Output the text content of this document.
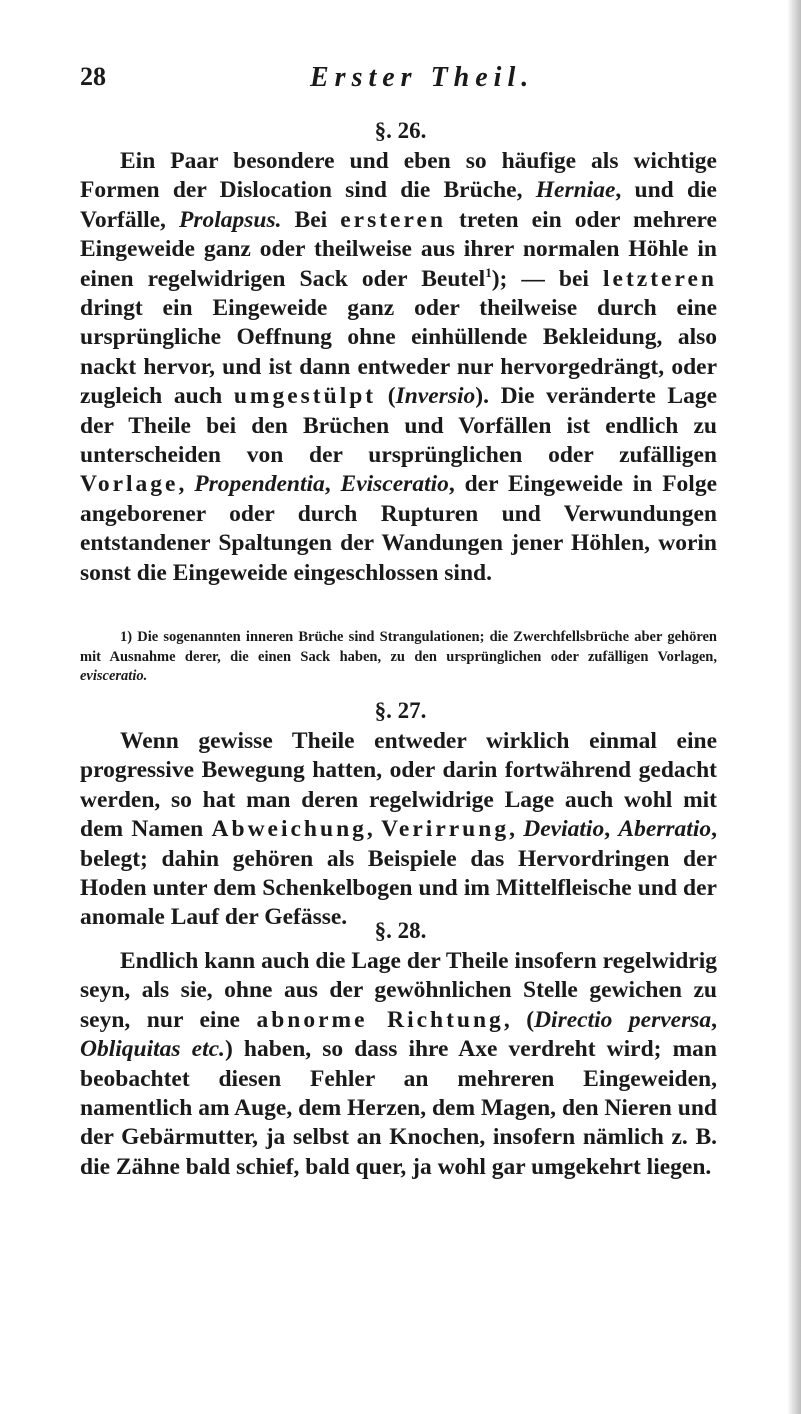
28	Erster Theil.
§. 26.
Ein Paar besondere und eben so häufige als wichtige Formen der Dislocation sind die Brüche, Herniae, und die Vorfälle, Prolapsus. Bei ersteren treten ein oder mehrere Eingeweide ganz oder theilweise aus ihrer normalen Höhle in einen regelwidrigen Sack oder Beutel$^1$); — bei letzteren dringt ein Eingeweide ganz oder theilweise durch eine ursprüngliche Oeffnung ohne einhüllende Bekleidung, also nackt hervor, und ist dann entweder nur hervorgedrängt, oder zugleich auch umgestülpt (Inversio). Die veränderte Lage der Theile bei den Brüchen und Vorfällen ist endlich zu unterscheiden von der ursprünglichen oder zufälligen Vorlage, Propendentia, Evisceratio, der Eingeweide in Folge angeborener oder durch Rupturen und Verwundungen entstandener Spaltungen der Wandungen jener Höhlen, worin sonst die Eingeweide eingeschlossen sind.
1) Die sogenannten inneren Brüche sind Strangulationen; die Zwerchfellsbrüche aber gehören mit Ausnahme derer, die einen Sack haben, zu den ursprünglichen oder zufälligen Vorlagen, evisceratio.
§. 27.
Wenn gewisse Theile entweder wirklich einmal eine progressive Bewegung hatten, oder darin fortwährend gedacht werden, so hat man deren regelwidrige Lage auch wohl mit dem Namen Abweichung, Verirrung, Deviatio, Aberratio, belegt; dahin gehören als Beispiele das Hervordringen der Hoden unter dem Schenkelbogen und im Mittelfleische und der anomale Lauf der Gefässe.
§. 28.
Endlich kann auch die Lage der Theile insofern regelwidrig seyn, als sie, ohne aus der gewöhnlichen Stelle gewichen zu seyn, nur eine abnorme Richtung, (Directio perversa, Obliquitas etc.) haben, so dass ihre Axe verdreht wird; man beobachtet diesen Fehler an mehreren Eingeweiden, namentlich am Auge, dem Herzen, dem Magen, den Nieren und der Gebärmutter, ja selbst an Knochen, insofern nämlich z. B. die Zähne bald schief, bald quer, ja wohl gar umgekehrt liegen.
